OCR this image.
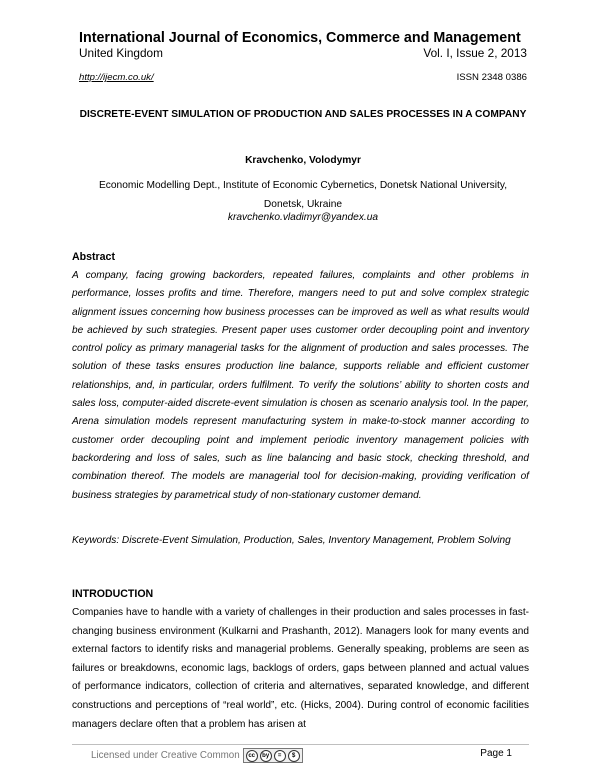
International Journal of Economics, Commerce and Management
United Kingdom	Vol. I, Issue 2, 2013
http://ijecm.co.uk/	ISSN 2348 0386
DISCRETE-EVENT SIMULATION OF PRODUCTION AND SALES PROCESSES IN A COMPANY
Kravchenko, Volodymyr
Economic Modelling Dept., Institute of Economic Cybernetics, Donetsk National University, Donetsk, Ukraine
kravchenko.vladimyr@yandex.ua
Abstract
A company, facing growing backorders, repeated failures, complaints and other problems in performance, losses profits and time. Therefore, mangers need to put and solve complex strategic alignment issues concerning how business processes can be improved as well as what results would be achieved by such strategies. Present paper uses customer order decoupling point and inventory control policy as primary managerial tasks for the alignment of production and sales processes. The solution of these tasks ensures production line balance, supports reliable and efficient customer relationships, and, in particular, orders fulfilment. To verify the solutions’ ability to shorten costs and sales loss, computer-aided discrete-event simulation is chosen as scenario analysis tool. In the paper, Arena simulation models represent manufacturing system in make-to-stock manner according to customer order decoupling point and implement periodic inventory management policies with backordering and loss of sales, such as line balancing and basic stock, checking threshold, and combination thereof. The models are managerial tool for decision-making, providing verification of business strategies by parametrical study of non-stationary customer demand.
Keywords: Discrete-Event Simulation, Production, Sales, Inventory Management, Problem Solving
INTRODUCTION
Companies have to handle with a variety of challenges in their production and sales processes in fast-changing business environment (Kulkarni and Prashanth, 2012). Managers look for many events and external factors to identify risks and managerial problems. Generally speaking, problems are seen as failures or breakdowns, economic lags, backlogs of orders, gaps between planned and actual values of performance indicators, collection of criteria and alternatives, separated knowledge, and different constructions and perceptions of “real world”, etc. (Hicks, 2004). During control of economic facilities managers declare often that a problem has arisen at
Licensed under Creative Common	cc	by	=	$	Page 1
